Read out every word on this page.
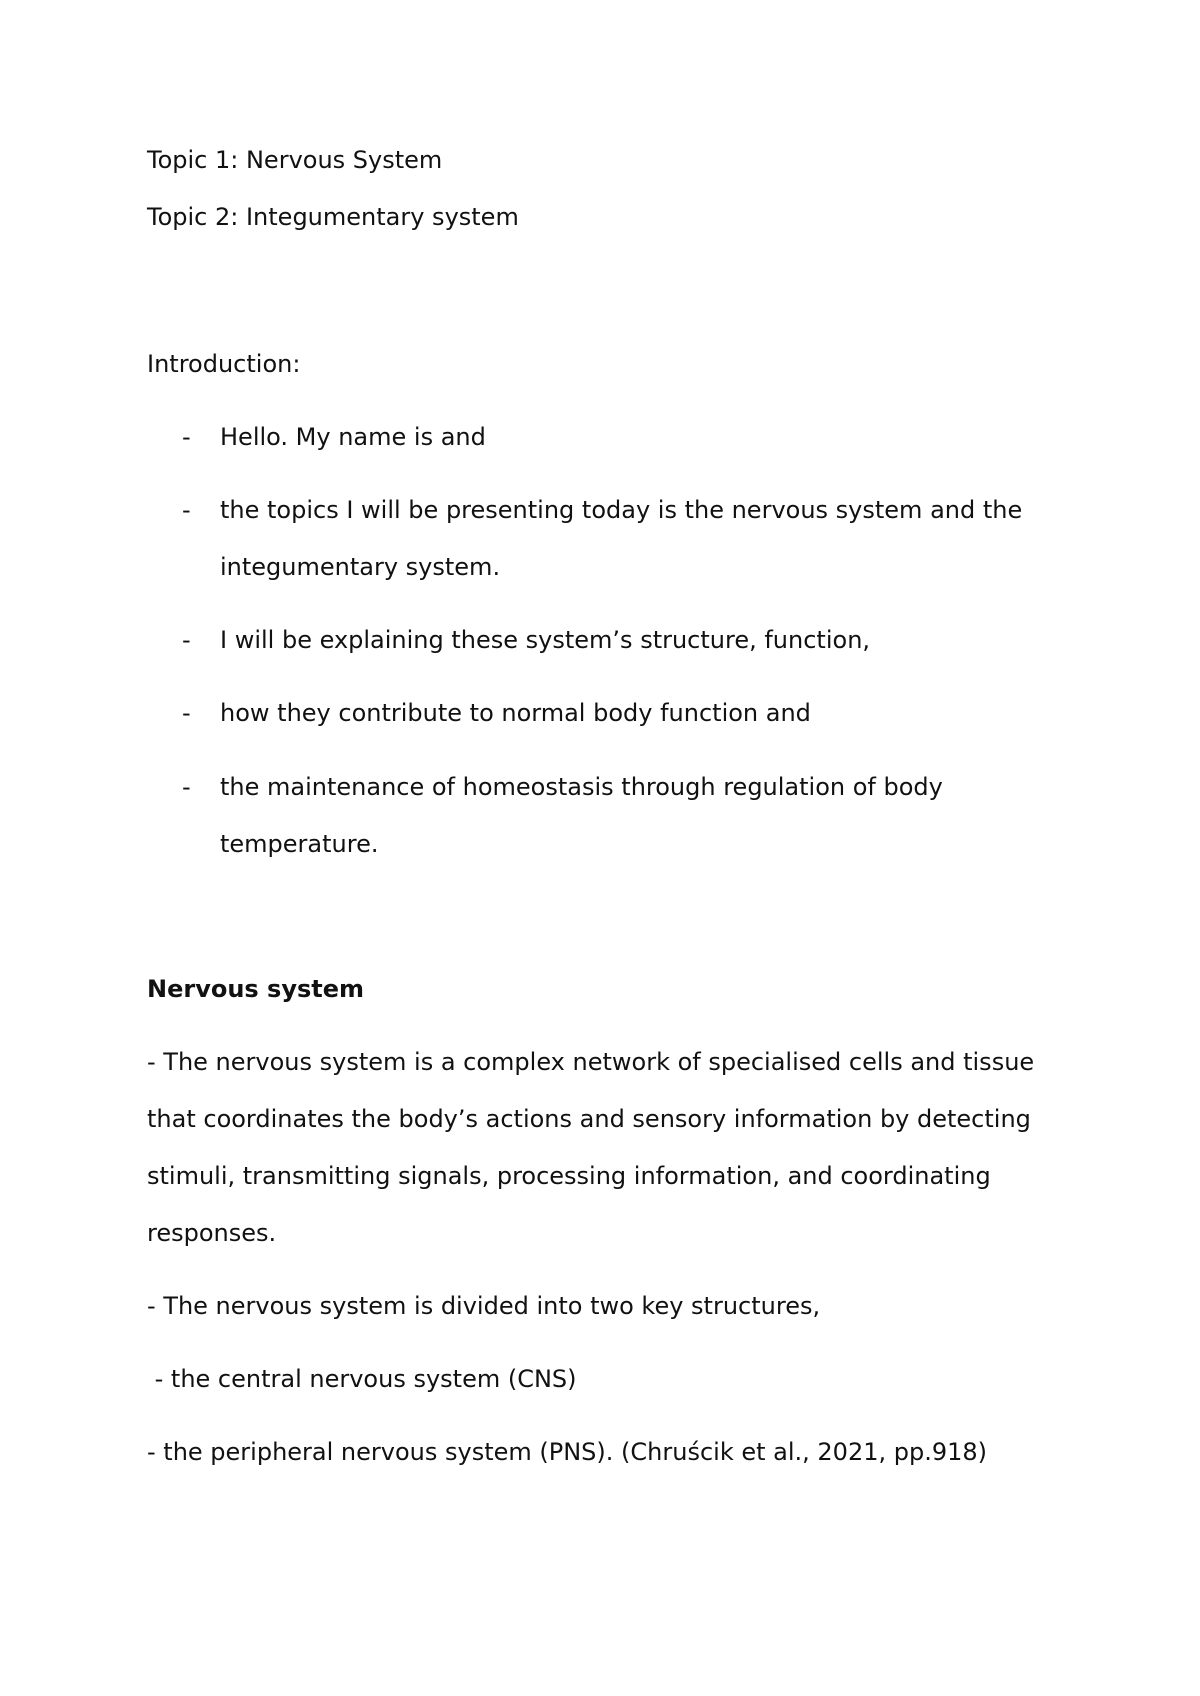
Topic 1: Nervous System

Topic 2: Integumentary system

Introduction:

- Hello. My name is and

- the topics I will be presenting today is the nervous system and the

integumentary system.

- I will be explaining these system’s structure, function,

- how they contribute to normal body function and

- the maintenance of homeostasis through regulation of body

temperature.

Nervous system

- The nervous system is a complex network of specialised cells and tissue

that coordinates the body’s actions and sensory information by detecting

stimuli, transmitting signals, processing information, and coordinating

responses.

- The nervous system is divided into two key structures,

- the central nervous system (CNS)

- the peripheral nervous system (PNS). (Chruścik et al., 2021, pp.918)
